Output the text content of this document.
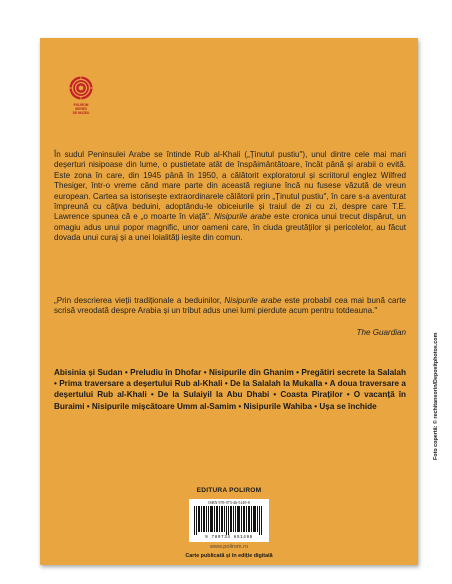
POLIROM
SERIES
DE MUZEU

În sudul Peninsulei Arabe se întinde Rub al-Khali („Ținutul pustiu"), unul dintre cele mai mari deșerturi nisipoase din lume, o pustietate atât de înspăimântătoare, încât până și arabii o evită. Este zona în care, din 1945 până în 1950, a călătorit exploratorul și scriitorul englez Wilfred Thesiger, într-o vreme când mare parte din această regiune încă nu fusese văzută de vreun european. Cartea sa istorisește extraordinarele călătorii prin „Ținutul pustiu", în care s-a aventurat împreună cu câțiva beduini, adoptându-le obiceiurile și traiul de zi cu zi, despre care T.E. Lawrence spunea că e „o moarte în viață". Nisipurile arabe este cronica unui trecut dispărut, un omagiu adus unui popor magnific, unor oameni care, în ciuda greutăților și pericolelor, au făcut dovada unui curaj și a unei loialități ieșite din comun.

„Prin descrierea vieții tradiționale a beduinilor, Nisipurile arabe este probabil cea mai bună carte scrisă vreodată despre Arabia și un tribut adus unei lumi pierdute acum pentru totdeauna."

The Guardian

Abisinia și Sudan • Preludiu în Dhofar • Nisipurile din Ghanim • Pregătiri secrete la Salalah • Prima traversare a deșertului Rub al-Khali • De la Salalah la Mukalla • A doua traversare a deșertului Rub al-Khali • De la Sulaiyil la Abu Dhabi • Coasta Piraților • O vacanță în Buraimi • Nisipurile mișcătoare Umm al-Samim • Nisipurile Wahiba • Ușa se închide

EDITURA POLIROM
ISBN 978-973-46-5149-8
9 789734 651498
www.polirom.ro
Carte publicată și în ediție digitală
Foto copertă: © rechitansorin/Depositphotos.com
